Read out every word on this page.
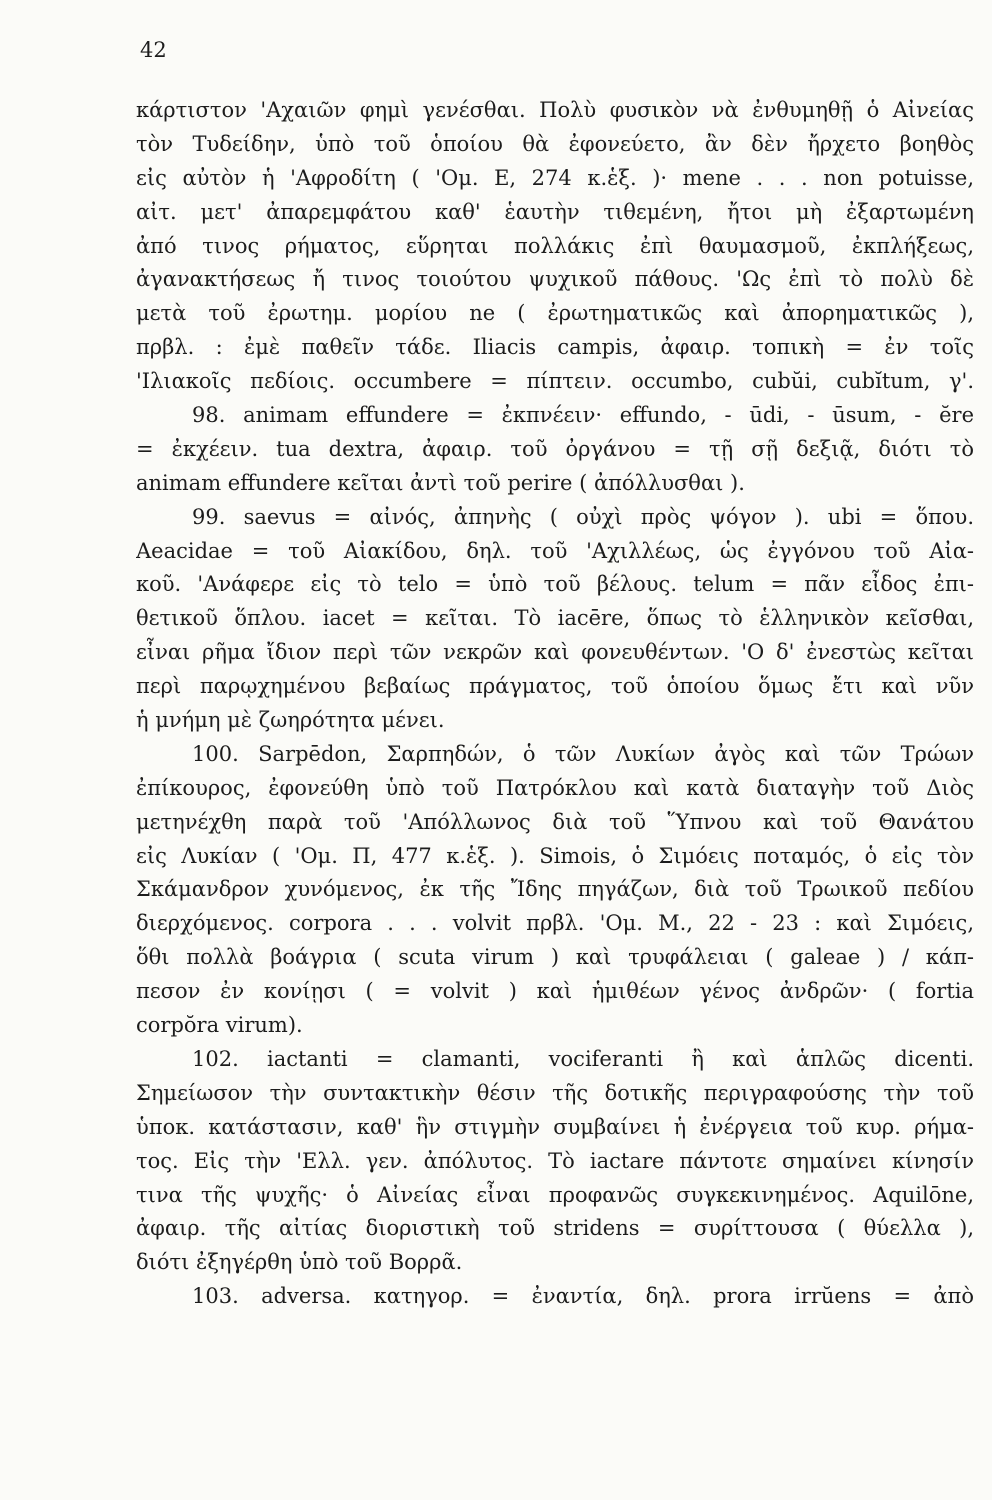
42
κάρτιστον 'Αχαιῶν φημὶ γενέσθαι. Πολὺ φυσικὸν νὰ ἐνθυμηθῇ ὁ Αἰνείας
τὸν Τυδείδην, ὑπὸ τοῦ ὁποίου θὰ ἐφονεύετο, ἂν δὲν ἤρχετο βοηθὸς
εἰς αὐτὸν ἡ 'Αφροδίτη ( 'Ομ. Ε, 274 κ.ἑξ. )· mene . . . non potuisse,
αἰτ. μετ' ἀπαρεμφάτου καθ' ἑαυτὴν τιθεμένη, ἤτοι μὴ ἐξαρτωμένη
ἀπό τινος ρήματος, εὕρηται πολλάκις ἐπὶ θαυμασμοῦ, ἐκπλήξεως,
ἀγανακτήσεως ἤ τινος τοιούτου ψυχικοῦ πάθους. 'Ως ἐπὶ τὸ πολὺ δὲ
μετὰ τοῦ ἐρωτημ. μορίου ne ( ἐρωτηματικῶς καὶ ἀπορηματικῶς ),
πρβλ. : ἐμὲ παθεῖν τάδε. Iliacis campis, ἀφαιρ. τοπικὴ = ἐν τοῖς
'Ιλιακοῖς πεδίοις. occumbere = πίπτειν. occumbo, cubŭi, cubĭtum, γ'.
98. animam effundere = ἐκπνέειν· effundo, - ūdi, - ūsum, - ĕre
= ἐκχέειν. tua dextra, ἀφαιρ. τοῦ ὀργάνου = τῇ σῇ δεξιᾷ, διότι τὸ
animam effundere κεῖται ἀντὶ τοῦ perire ( ἀπόλλυσθαι ).
99. saevus = αἰνός, ἀπηνὴς ( οὐχὶ πρὸς ψόγον ). ubi = ὅπου.
Aeacidae = τοῦ Αἰακίδου, δηλ. τοῦ 'Αχιλλέως, ὡς ἐγγόνου τοῦ Αἰα-
κοῦ. 'Ανάφερε εἰς τὸ telo = ὑπὸ τοῦ βέλους. telum = πᾶν εἶδος ἐπι-
θετικοῦ ὅπλου. iacet = κεῖται. Τὸ iacēre, ὅπως τὸ ἑλληνικὸν κεῖσθαι,
εἶναι ρῆμα ἴδιον περὶ τῶν νεκρῶν καὶ φονευθέντων. 'Ο δ' ἐνεστὼς κεῖται
περὶ παρῳχημένου βεβαίως πράγματος, τοῦ ὁποίου ὅμως ἔτι καὶ νῦν
ἡ μνήμη μὲ ζωηρότητα μένει.
100. Sarpēdon, Σαρπηδών, ὁ τῶν Λυκίων ἀγὸς καὶ τῶν Τρώων
ἐπίκουρος, ἐφονεύθη ὑπὸ τοῦ Πατρόκλου καὶ κατὰ διαταγὴν τοῦ Διὸς
μετηνέχθη παρὰ τοῦ 'Απόλλωνος διὰ τοῦ Ὕπνου καὶ τοῦ Θανάτου
εἰς Λυκίαν ( 'Ομ. Π, 477 κ.ἑξ. ). Simois, ὁ Σιμόεις ποταμός, ὁ εἰς τὸν
Σκάμανδρον χυνόμενος, ἐκ τῆς Ἴδης πηγάζων, διὰ τοῦ Τρωικοῦ πεδίου
διερχόμενος. corpora . . . volvit πρβλ. 'Ομ. Μ., 22 - 23 : καὶ Σιμόεις,
ὅθι πολλὰ βοάγρια ( scuta virum ) καὶ τρυφάλειαι ( galeae ) / κάπ-
πεσον ἐν κονίῃσι ( = volvit ) καὶ ἡμιθέων γένος ἀνδρῶν· ( fortia
corpŏra virum).
102. iactanti = clamanti, vociferanti ἢ καὶ ἁπλῶς dicenti.
Σημείωσον τὴν συντακτικὴν θέσιν τῆς δοτικῆς περιγραφούσης τὴν τοῦ
ὑποκ. κατάστασιν, καθ' ἣν στιγμὴν συμβαίνει ἡ ἐνέργεια τοῦ κυρ. ρήμα-
τος. Εἰς τὴν 'Ελλ. γεν. ἀπόλυτος. Τὸ iactare πάντοτε σημαίνει κίνησίν
τινα τῆς ψυχῆς· ὁ Αἰνείας εἶναι προφανῶς συγκεκινημένος. Aquilōne,
ἀφαιρ. τῆς αἰτίας διοριστικὴ τοῦ stridens = συρίττουσα ( θύελλα ),
διότι ἐξηγέρθη ὑπὸ τοῦ Βορρᾶ.
103. adversa. κατηγορ. = ἐναντία, δηλ. prora irrŭens = ἀπὸ
